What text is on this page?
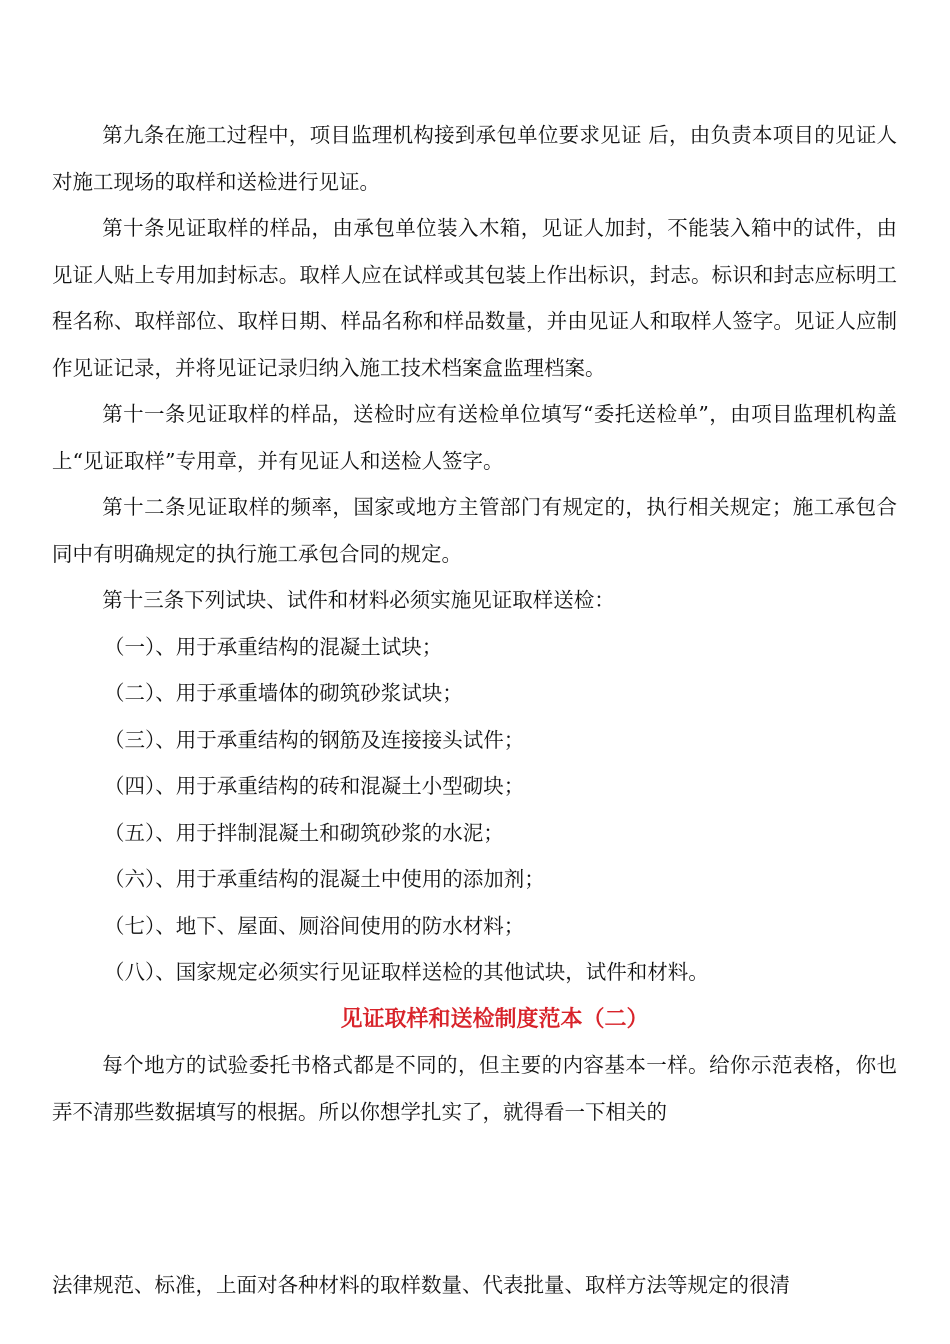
第九条在施工过程中，项目监理机构接到承包单位要求见证 后，由负责本项目的见证人对施工现场的取样和送检进行见证。

第十条见证取样的样品，由承包单位装入木箱，见证人加封，不能装入箱中的试件，由见证人贴上专用加封标志。取样人应在试样或其包装上作出标识，封志。标识和封志应标明工程名称、取样部位、取样日期、样品名称和样品数量，并由见证人和取样人签字。见证人应制作见证记录，并将见证记录归纳入施工技术档案盒监理档案。

第十一条见证取样的样品，送检时应有送检单位填写“委托送检单”，由项目监理机构盖上“见证取样”专用章，并有见证人和送检人签字。

第十二条见证取样的频率，国家或地方主管部门有规定的，执行相关规定；施工承包合同中有明确规定的执行施工承包合同的规定。

第十三条下列试块、试件和材料必须实施见证取样送检：

（一）、用于承重结构的混凝土试块；

（二）、用于承重墙体的砌筑砂浆试块；

（三）、用于承重结构的钢筋及连接接头试件；

（四）、用于承重结构的砖和混凝土小型砌块；

（五）、用于拌制混凝土和砌筑砂浆的水泥；

（六）、用于承重结构的混凝土中使用的添加剂；

（七）、地下、屋面、厕浴间使用的防水材料；

（八）、国家规定必须实行见证取样送检的其他试块，试件和材料。

见证取样和送检制度范本（二）

每个地方的试验委托书格式都是不同的，但主要的内容基本一样。给你示范表格，你也弄不清那些数据填写的根据。所以你想学扎实了，就得看一下相关的

法律规范、标准，上面对各种材料的取样数量、代表批量、取样方法等规定的很清
